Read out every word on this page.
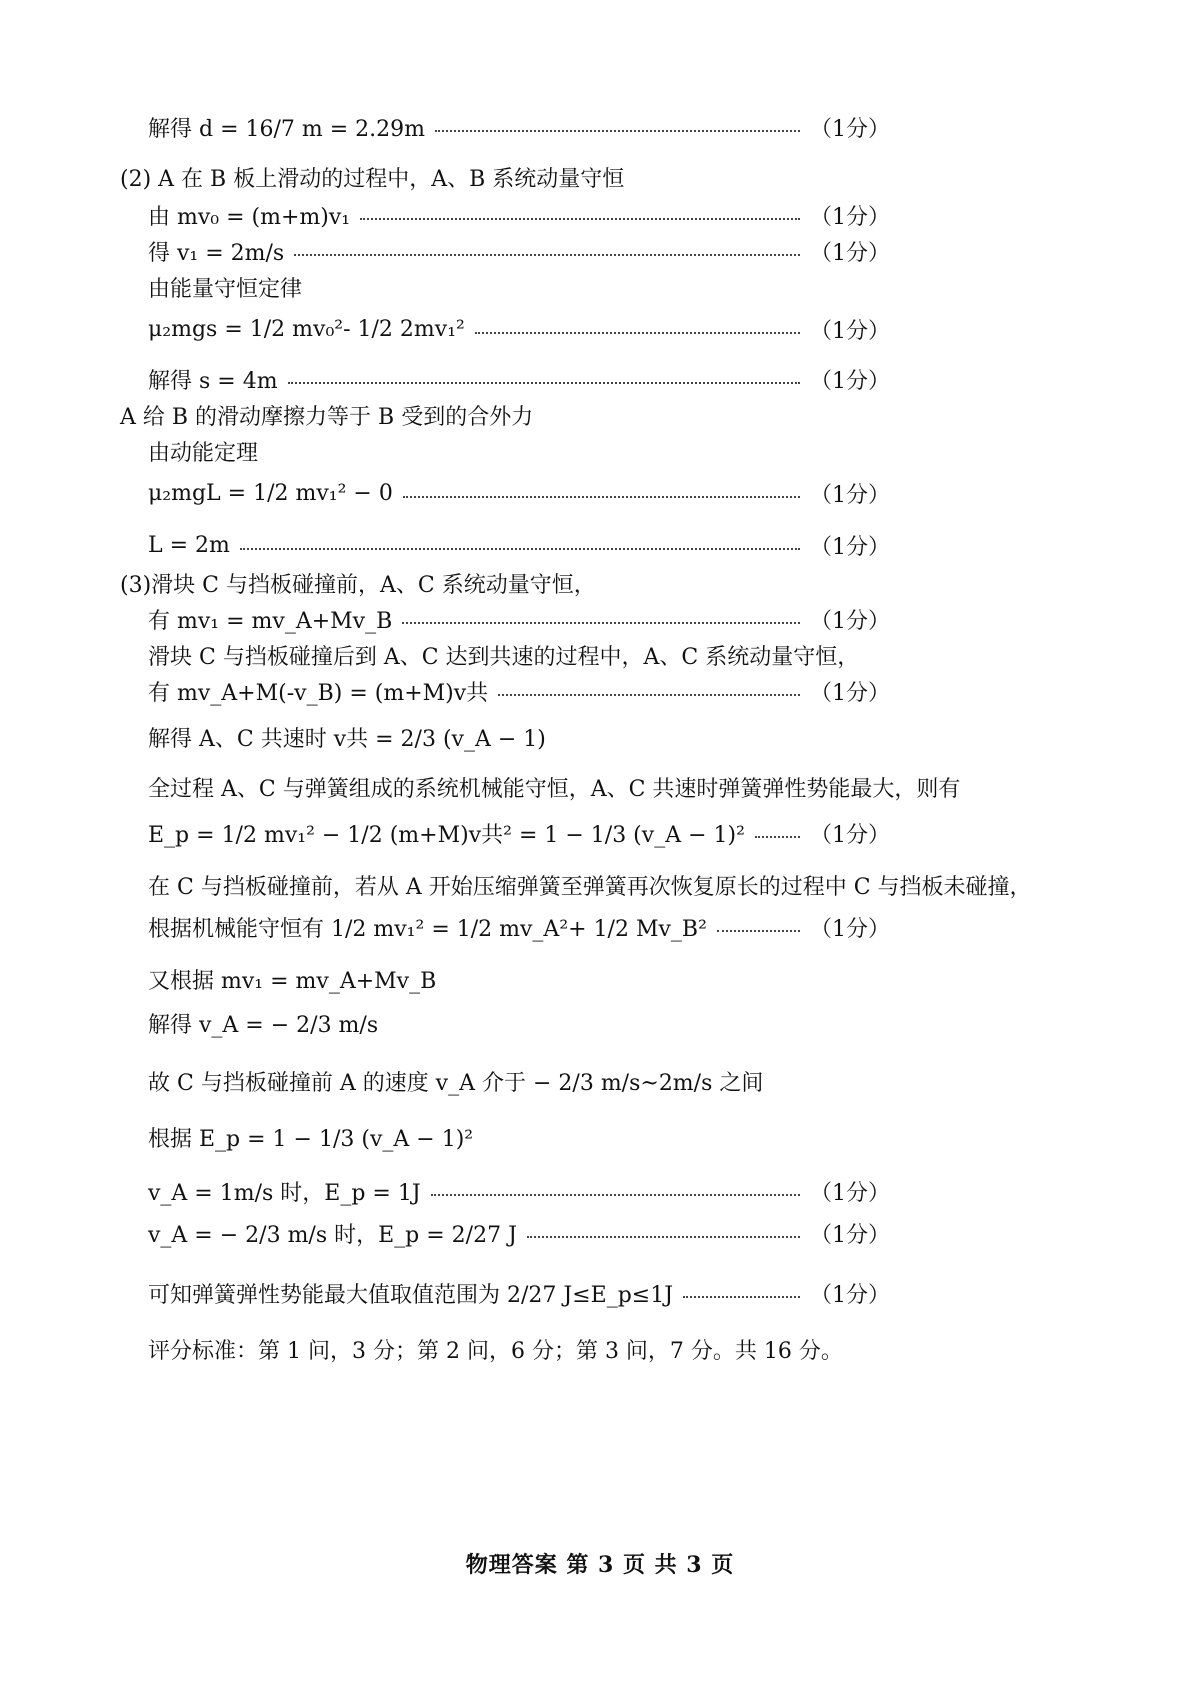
解得 d = 16/7 m = 2.29m	（1分）
(2) A 在 B 板上滑动的过程中，A、B 系统动量守恒
由 mv₀ = (m+m)v₁	（1分）
得 v₁ = 2m/s	（1分）
由能量守恒定律
μ₂mgs = 1/2 mv₀²- 1/2 2mv₁²	（1分）
解得 s = 4m	（1分）
A 给 B 的滑动摩擦力等于 B 受到的合外力
由动能定理
μ₂mgL = 1/2 mv₁² − 0	（1分）
L = 2m	（1分）
(3)滑块 C 与挡板碰撞前，A、C 系统动量守恒，
有 mv₁ = mv_A+Mv_B	（1分）
滑块 C 与挡板碰撞后到 A、C 达到共速的过程中，A、C 系统动量守恒，
有 mv_A+M(-v_B) = (m+M)v共	（1分）
解得 A、C 共速时 v共 = 2/3 (v_A − 1)
全过程 A、C 与弹簧组成的系统机械能守恒，A、C 共速时弹簧弹性势能最大，则有
E_p = 1/2 mv₁² − 1/2 (m+M)v共² = 1 − 1/3 (v_A − 1)²	（1分）
在 C 与挡板碰撞前，若从 A 开始压缩弹簧至弹簧再次恢复原长的过程中 C 与挡板未碰撞，
根据机械能守恒有 1/2 mv₁² = 1/2 mv_A²+ 1/2 Mv_B²	（1分）
又根据 mv₁ = mv_A+Mv_B
解得 v_A = − 2/3 m/s
故 C 与挡板碰撞前 A 的速度 v_A 介于 − 2/3 m/s~2m/s 之间
根据 E_p = 1 − 1/3 (v_A − 1)²
v_A = 1m/s 时，E_p = 1J	（1分）
v_A = − 2/3 m/s 时，E_p = 2/27 J	（1分）
可知弹簧弹性势能最大值取值范围为 2/27 J≤E_p≤1J	（1分）
评分标准：第 1 问，3 分；第 2 问，6 分；第 3 问，7 分。共 16 分。
物理答案 第 3 页 共 3 页
